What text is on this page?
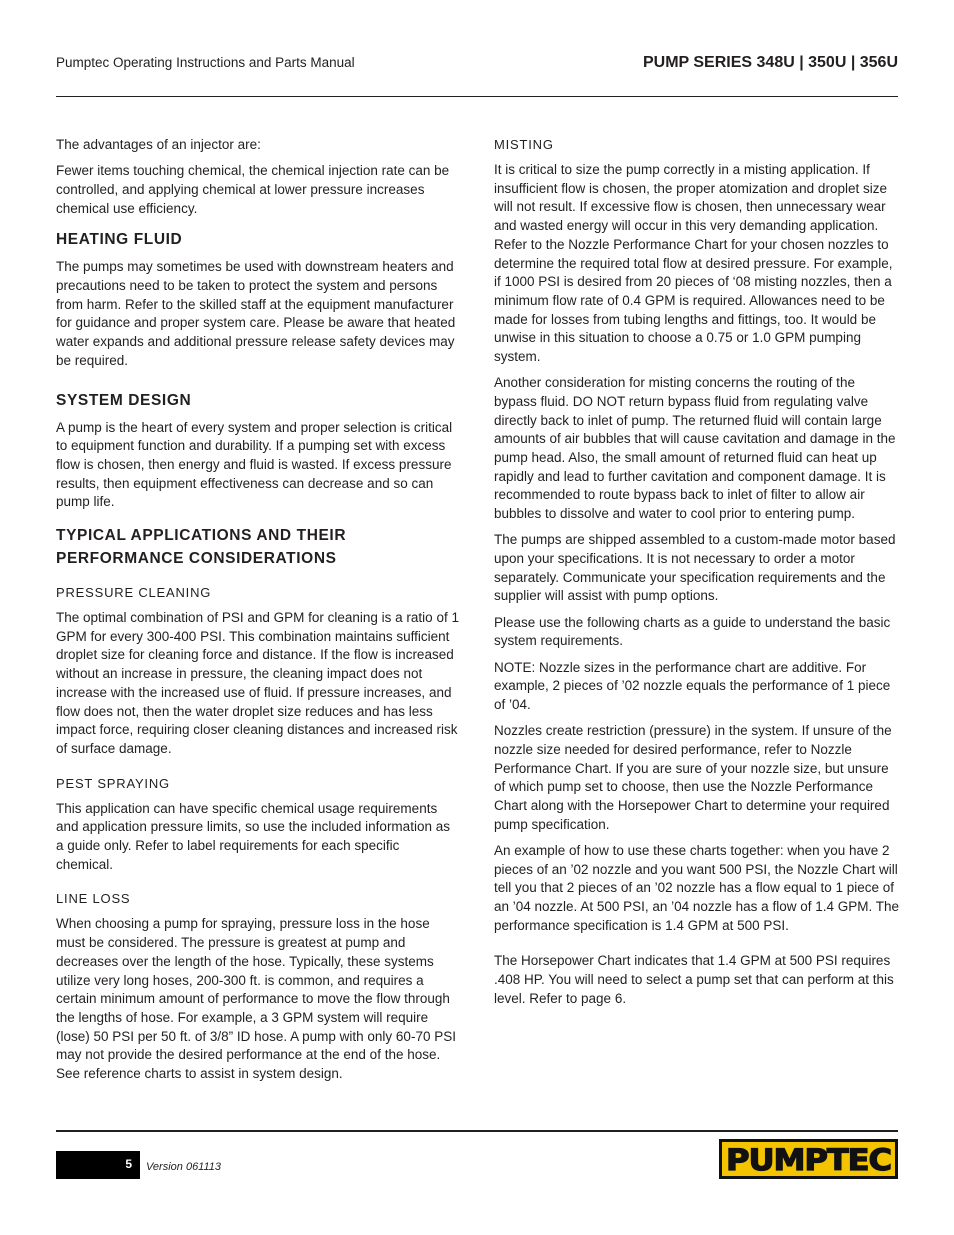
Pumptec Operating Instructions and Parts Manual	PUMP SERIES 348U | 350U | 356U

The advantages of an injector are:

Fewer items touching chemical, the chemical injection rate can be controlled, and applying chemical at lower pressure increases chemical use efficiency.

HEATING FLUID

The pumps may sometimes be used with downstream heaters and precautions need to be taken to protect the system and persons from harm. Refer to the skilled staff at the equipment manufacturer for guidance and proper system care. Please be aware that heated water expands and additional pressure release safety devices may be required.

SYSTEM DESIGN

A pump is the heart of every system and proper selection is critical to equipment function and durability. If a pumping set with excess flow is chosen, then energy and fluid is wasted. If excess pressure results, then equipment effectiveness can decrease and so can pump life.

TYPICAL APPLICATIONS AND THEIR PERFORMANCE CONSIDERATIONS
PRESSURE CLEANING

The optimal combination of PSI and GPM for cleaning is a ratio of 1 GPM for every 300-400 PSI. This combination maintains sufficient droplet size for cleaning force and distance. If the flow is increased without an increase in pressure, the cleaning impact does not increase with the increased use of fluid. If pressure increases, and flow does not, then the water droplet size reduces and has less impact force, requiring closer cleaning distances and increased risk of surface damage.

PEST SPRAYING

This application can have specific chemical usage requirements and application pressure limits, so use the included information as a guide only. Refer to label requirements for each specific chemical.

LINE LOSS

When choosing a pump for spraying, pressure loss in the hose must be considered. The pressure is greatest at pump and decreases over the length of the hose. Typically, these systems utilize very long hoses, 200-300 ft. is common, and requires a certain minimum amount of performance to move the flow through the lengths of hose. For example, a 3 GPM system will require (lose) 50 PSI per 50 ft. of 3/8” ID hose. A pump with only 60-70 PSI may not provide the desired performance at the end of the hose. See reference charts to assist in system design.

MISTING

It is critical to size the pump correctly in a misting application. If insufficient flow is chosen, the proper atomization and droplet size will not result. If excessive flow is chosen, then unnecessary wear and wasted energy will occur in this very demanding application. Refer to the Nozzle Performance Chart for your chosen nozzles to determine the required total flow at desired pressure. For example, if 1000 PSI is desired from 20 pieces of ‘08 misting nozzles, then a minimum flow rate of 0.4 GPM is required. Allowances need to be made for losses from tubing lengths and fittings, too. It would be unwise in this situation to choose a 0.75 or 1.0 GPM pumping system.

Another consideration for misting concerns the routing of the bypass fluid. DO NOT return bypass fluid from regulating valve directly back to inlet of pump. The returned fluid will contain large amounts of air bubbles that will cause cavitation and damage in the pump head. Also, the small amount of returned fluid can heat up rapidly and lead to further cavitation and component damage. It is recommended to route bypass back to inlet of filter to allow air bubbles to dissolve and water to cool prior to entering pump.

The pumps are shipped assembled to a custom-made motor based upon your specifications. It is not necessary to order a motor separately. Communicate your specification requirements and the supplier will assist with pump options.

Please use the following charts as a guide to understand the basic system requirements.

NOTE: Nozzle sizes in the performance chart are additive. For example, 2 pieces of ’02 nozzle equals the performance of 1 piece of ’04.

Nozzles create restriction (pressure) in the system. If unsure of the nozzle size needed for desired performance, refer to Nozzle Performance Chart. If you are sure of your nozzle size, but unsure of which pump set to choose, then use the Nozzle Performance Chart along with the Horsepower Chart to determine your required pump specification.

An example of how to use these charts together: when you have 2 pieces of an ’02 nozzle and you want 500 PSI, the Nozzle Chart will tell you that 2 pieces of an ’02 nozzle has a flow equal to 1 piece of an ’04 nozzle. At 500 PSI, an ’04 nozzle has a flow of 1.4 GPM. The performance specification is 1.4 GPM at 500 PSI.

The Horsepower Chart indicates that 1.4 GPM at 500 PSI requires .408 HP. You will need to select a pump set that can perform at this level. Refer to page 6.

5 Version 061113	PUMPTEC
